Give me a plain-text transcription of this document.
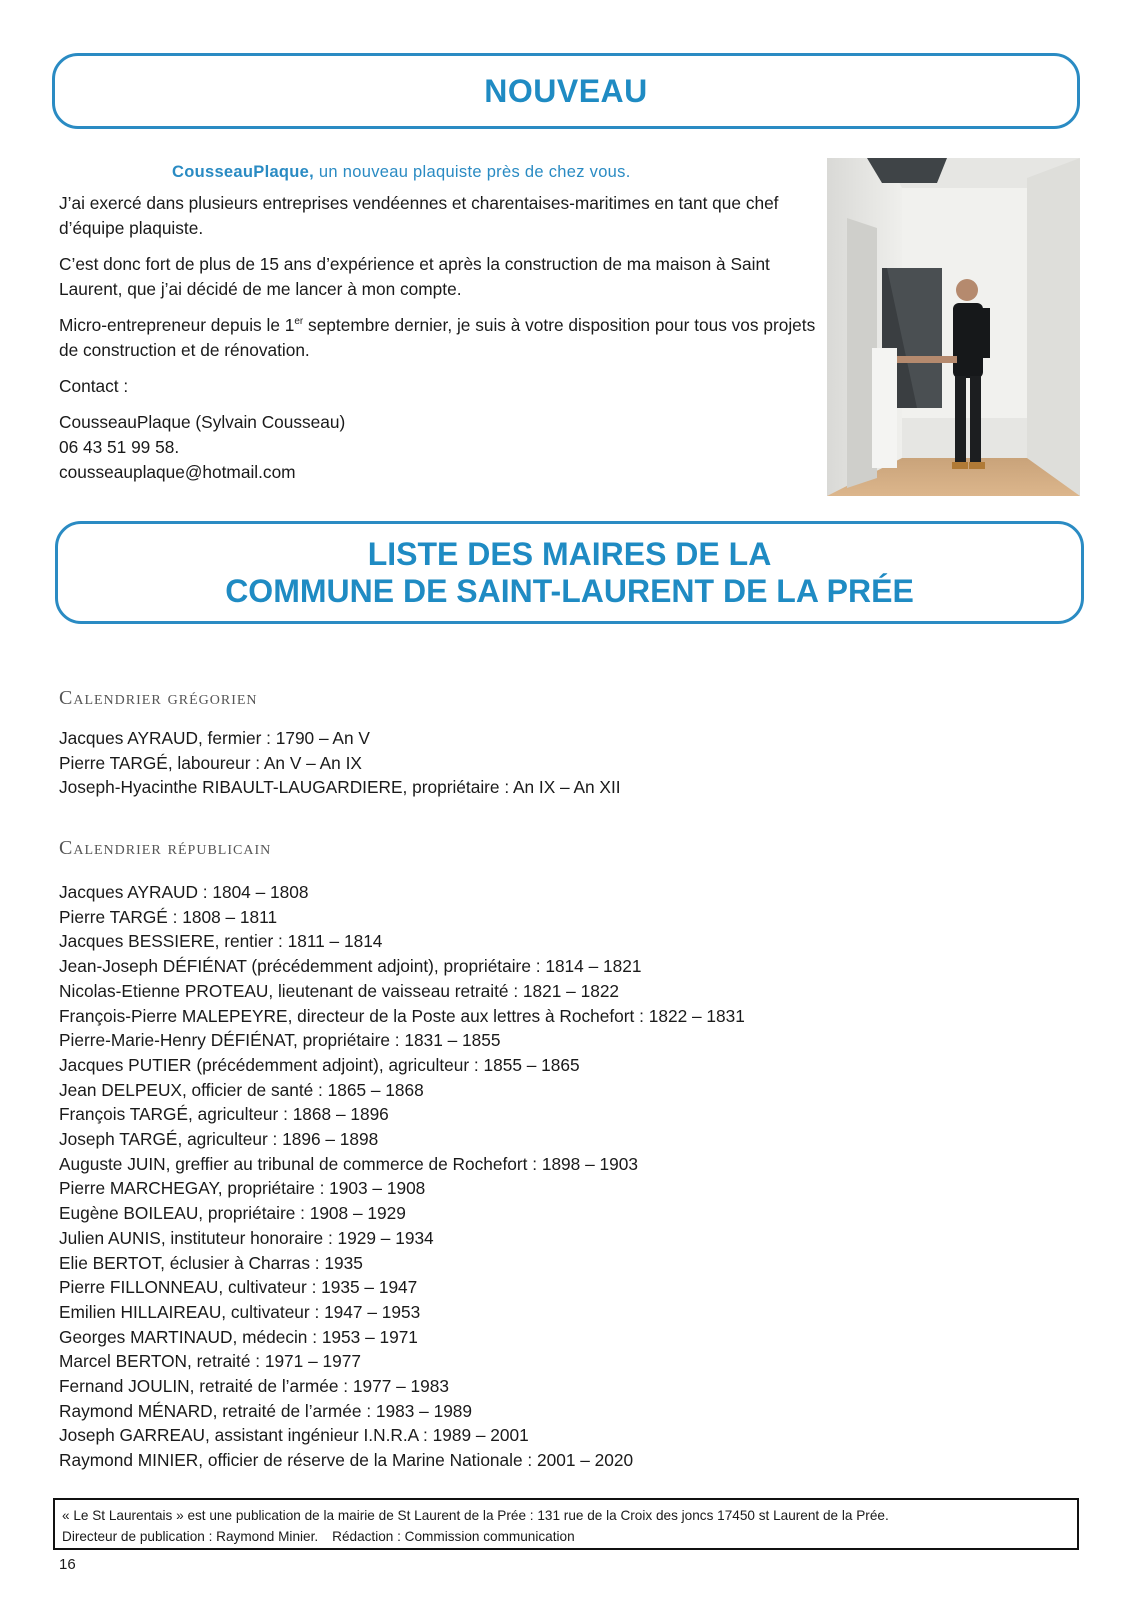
NOUVEAU
CousseauPlaque, un nouveau plaquiste près de chez vous.

J’ai exercé dans plusieurs entreprises vendéennes et charentaises-maritimes en tant que chef d’équipe plaquiste.

C’est donc fort de plus de 15 ans d’expérience et après la construction de ma maison à Saint Laurent, que j’ai décidé de me lancer à mon compte.

Micro-entrepreneur depuis le 1er septembre dernier, je suis à votre disposition pour tous vos projets de construction et de rénovation.

Contact :

CousseauPlaque (Sylvain Cousseau)
06 43 51 99 58.
cousseauplaque@hotmail.com
LISTE DES MAIRES DE LA
COMMUNE DE SAINT-LAURENT DE LA PRÉE
Calendrier grégorien
Jacques AYRAUD, fermier : 1790 – An V
Pierre TARGÉ, laboureur : An V – An IX
Joseph-Hyacinthe RIBAULT-LAUGARDIERE, propriétaire : An IX – An XII
Calendrier républicain
Jacques AYRAUD : 1804 – 1808
Pierre TARGÉ : 1808 – 1811
Jacques BESSIERE, rentier : 1811 – 1814
Jean-Joseph DÉFIÉNAT (précédemment adjoint), propriétaire : 1814 – 1821
Nicolas-Etienne PROTEAU, lieutenant de vaisseau retraité : 1821 – 1822
François-Pierre MALEPEYRE, directeur de la Poste aux lettres à Rochefort : 1822 – 1831
Pierre-Marie-Henry DÉFIÉNAT, propriétaire : 1831 – 1855
Jacques PUTIER (précédemment adjoint), agriculteur : 1855 – 1865
Jean DELPEUX, officier de santé : 1865 – 1868
François TARGÉ, agriculteur : 1868 – 1896
Joseph TARGÉ, agriculteur : 1896 – 1898
Auguste JUIN, greffier au tribunal de commerce de Rochefort : 1898 – 1903
Pierre MARCHEGAY, propriétaire : 1903 – 1908
Eugène BOILEAU, propriétaire : 1908 – 1929
Julien AUNIS, instituteur honoraire : 1929 – 1934
Elie BERTOT, éclusier à Charras : 1935
Pierre FILLONNEAU, cultivateur : 1935 – 1947
Emilien HILLAIREAU, cultivateur : 1947 – 1953
Georges MARTINAUD, médecin : 1953 – 1971
Marcel BERTON, retraité : 1971 – 1977
Fernand JOULIN, retraité de l’armée : 1977 – 1983
Raymond MÉNARD, retraité de l’armée : 1983 – 1989
Joseph GARREAU, assistant ingénieur I.N.R.A : 1989 – 2001
Raymond MINIER, officier de réserve de la Marine Nationale : 2001 – 2020
« Le St Laurentais » est une publication de la mairie de St Laurent de la Prée : 131 rue de la Croix des joncs 17450 st Laurent de la Prée.
Directeur de publication : Raymond Minier. Rédaction : Commission communication
16
